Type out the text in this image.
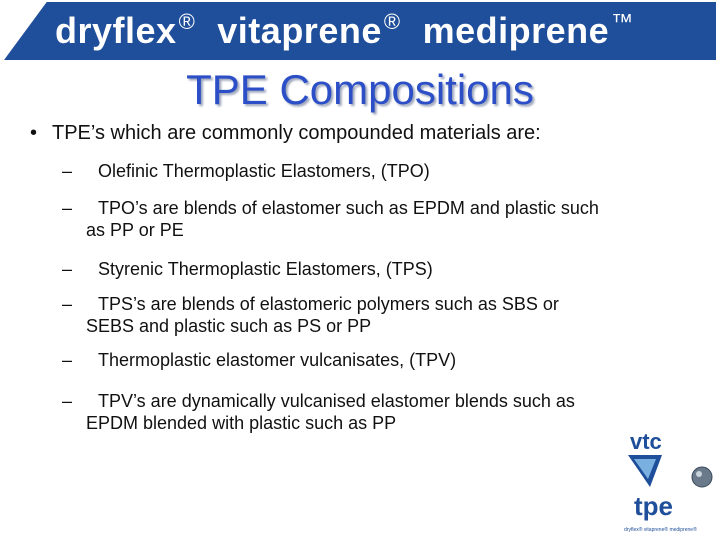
dryflex® vitaprene® mediprene™
TPE Compositions
• TPE’s which are commonly compounded materials are:
– Olefinic Thermoplastic Elastomers, (TPO)
– TPO’s are blends of elastomer such as EPDM and plastic such
as PP or PE
– Styrenic Thermoplastic Elastomers, (TPS)
– TPS’s are blends of elastomeric polymers such as SBS or
SEBS and plastic such as PS or PP
– Thermoplastic elastomer vulcanisates, (TPV)
– TPV’s are dynamically vulcanised elastomer blends such as
EPDM blended with plastic such as PP
vtc
tpe
dryflex® vitaprene® mediprene®
